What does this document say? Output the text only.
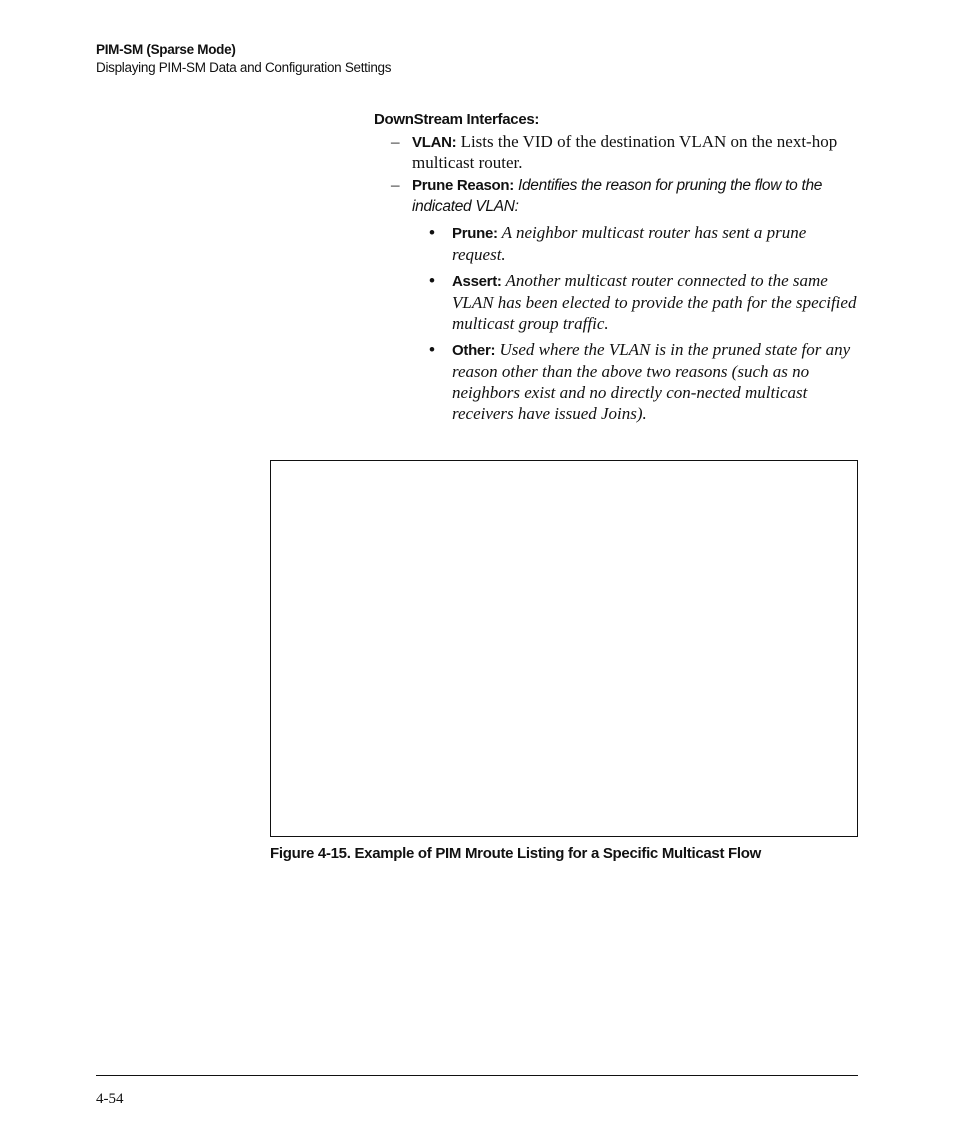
PIM-SM (Sparse Mode)
Displaying PIM-SM Data and Configuration Settings
DownStream Interfaces:
– VLAN: Lists the VID of the destination VLAN on the next-hop multicast router.
– Prune Reason: Identifies the reason for pruning the flow to the indicated VLAN:
• Prune: A neighbor multicast router has sent a prune request.
• Assert: Another multicast router connected to the same VLAN has been elected to provide the path for the specified multicast group traffic.
• Other: Used where the VLAN is in the pruned state for any reason other than the above two reasons (such as no neighbors exist and no directly con-nected multicast receivers have issued Joins).
Figure 4-15. Example of PIM Mroute Listing for a Specific Multicast Flow
4-54
